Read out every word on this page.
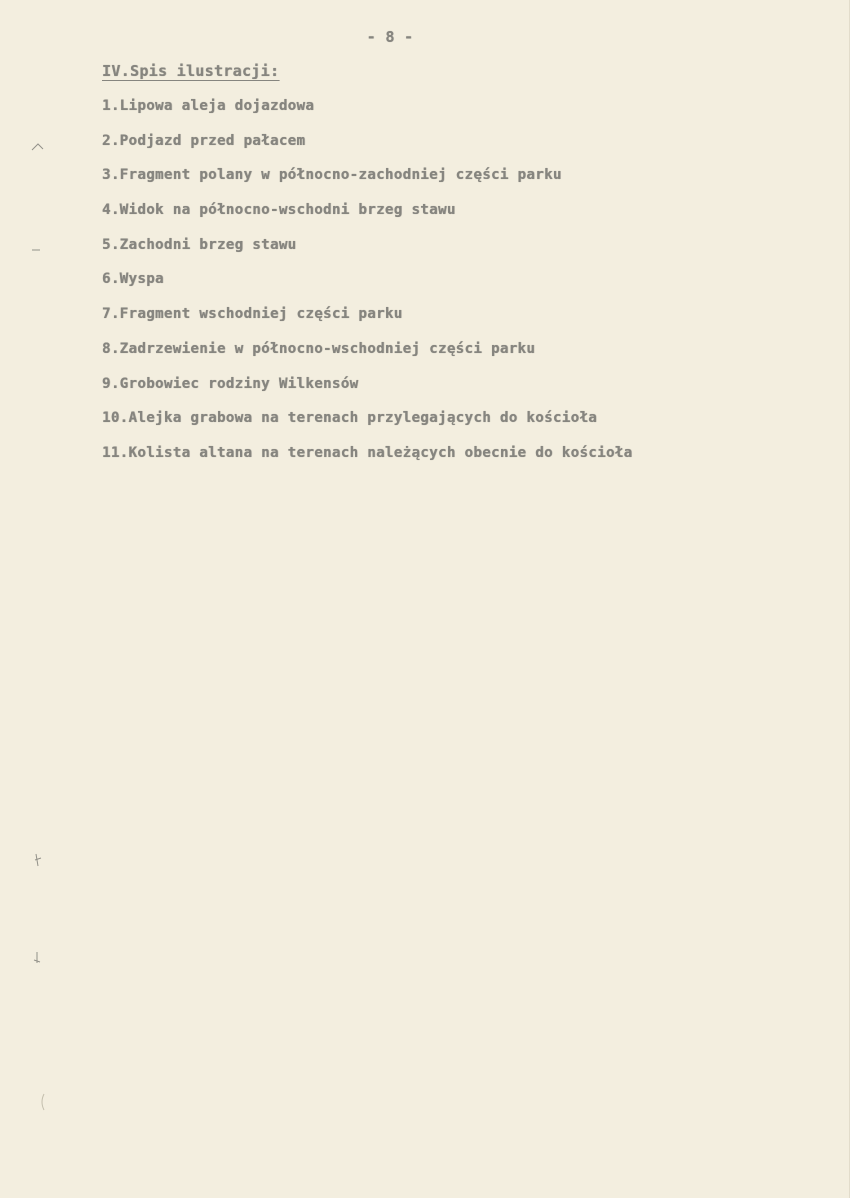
- 8 -
IV.Spis ilustracji:
1.Lipowa aleja dojazdowa
2.Podjazd przed pałacem
3.Fragment polany w północno-zachodniej części parku
4.Widok na północno-wschodni brzeg stawu
5.Zachodni brzeg stawu
6.Wyspa
7.Fragment wschodniej części parku
8.Zadrzewienie w północno-wschodniej części parku
9.Grobowiec rodziny Wilkensów
10.Alejka grabowa na terenach przylegających do kościoła
11.Kolista altana na terenach należących obecnie do kościoła
